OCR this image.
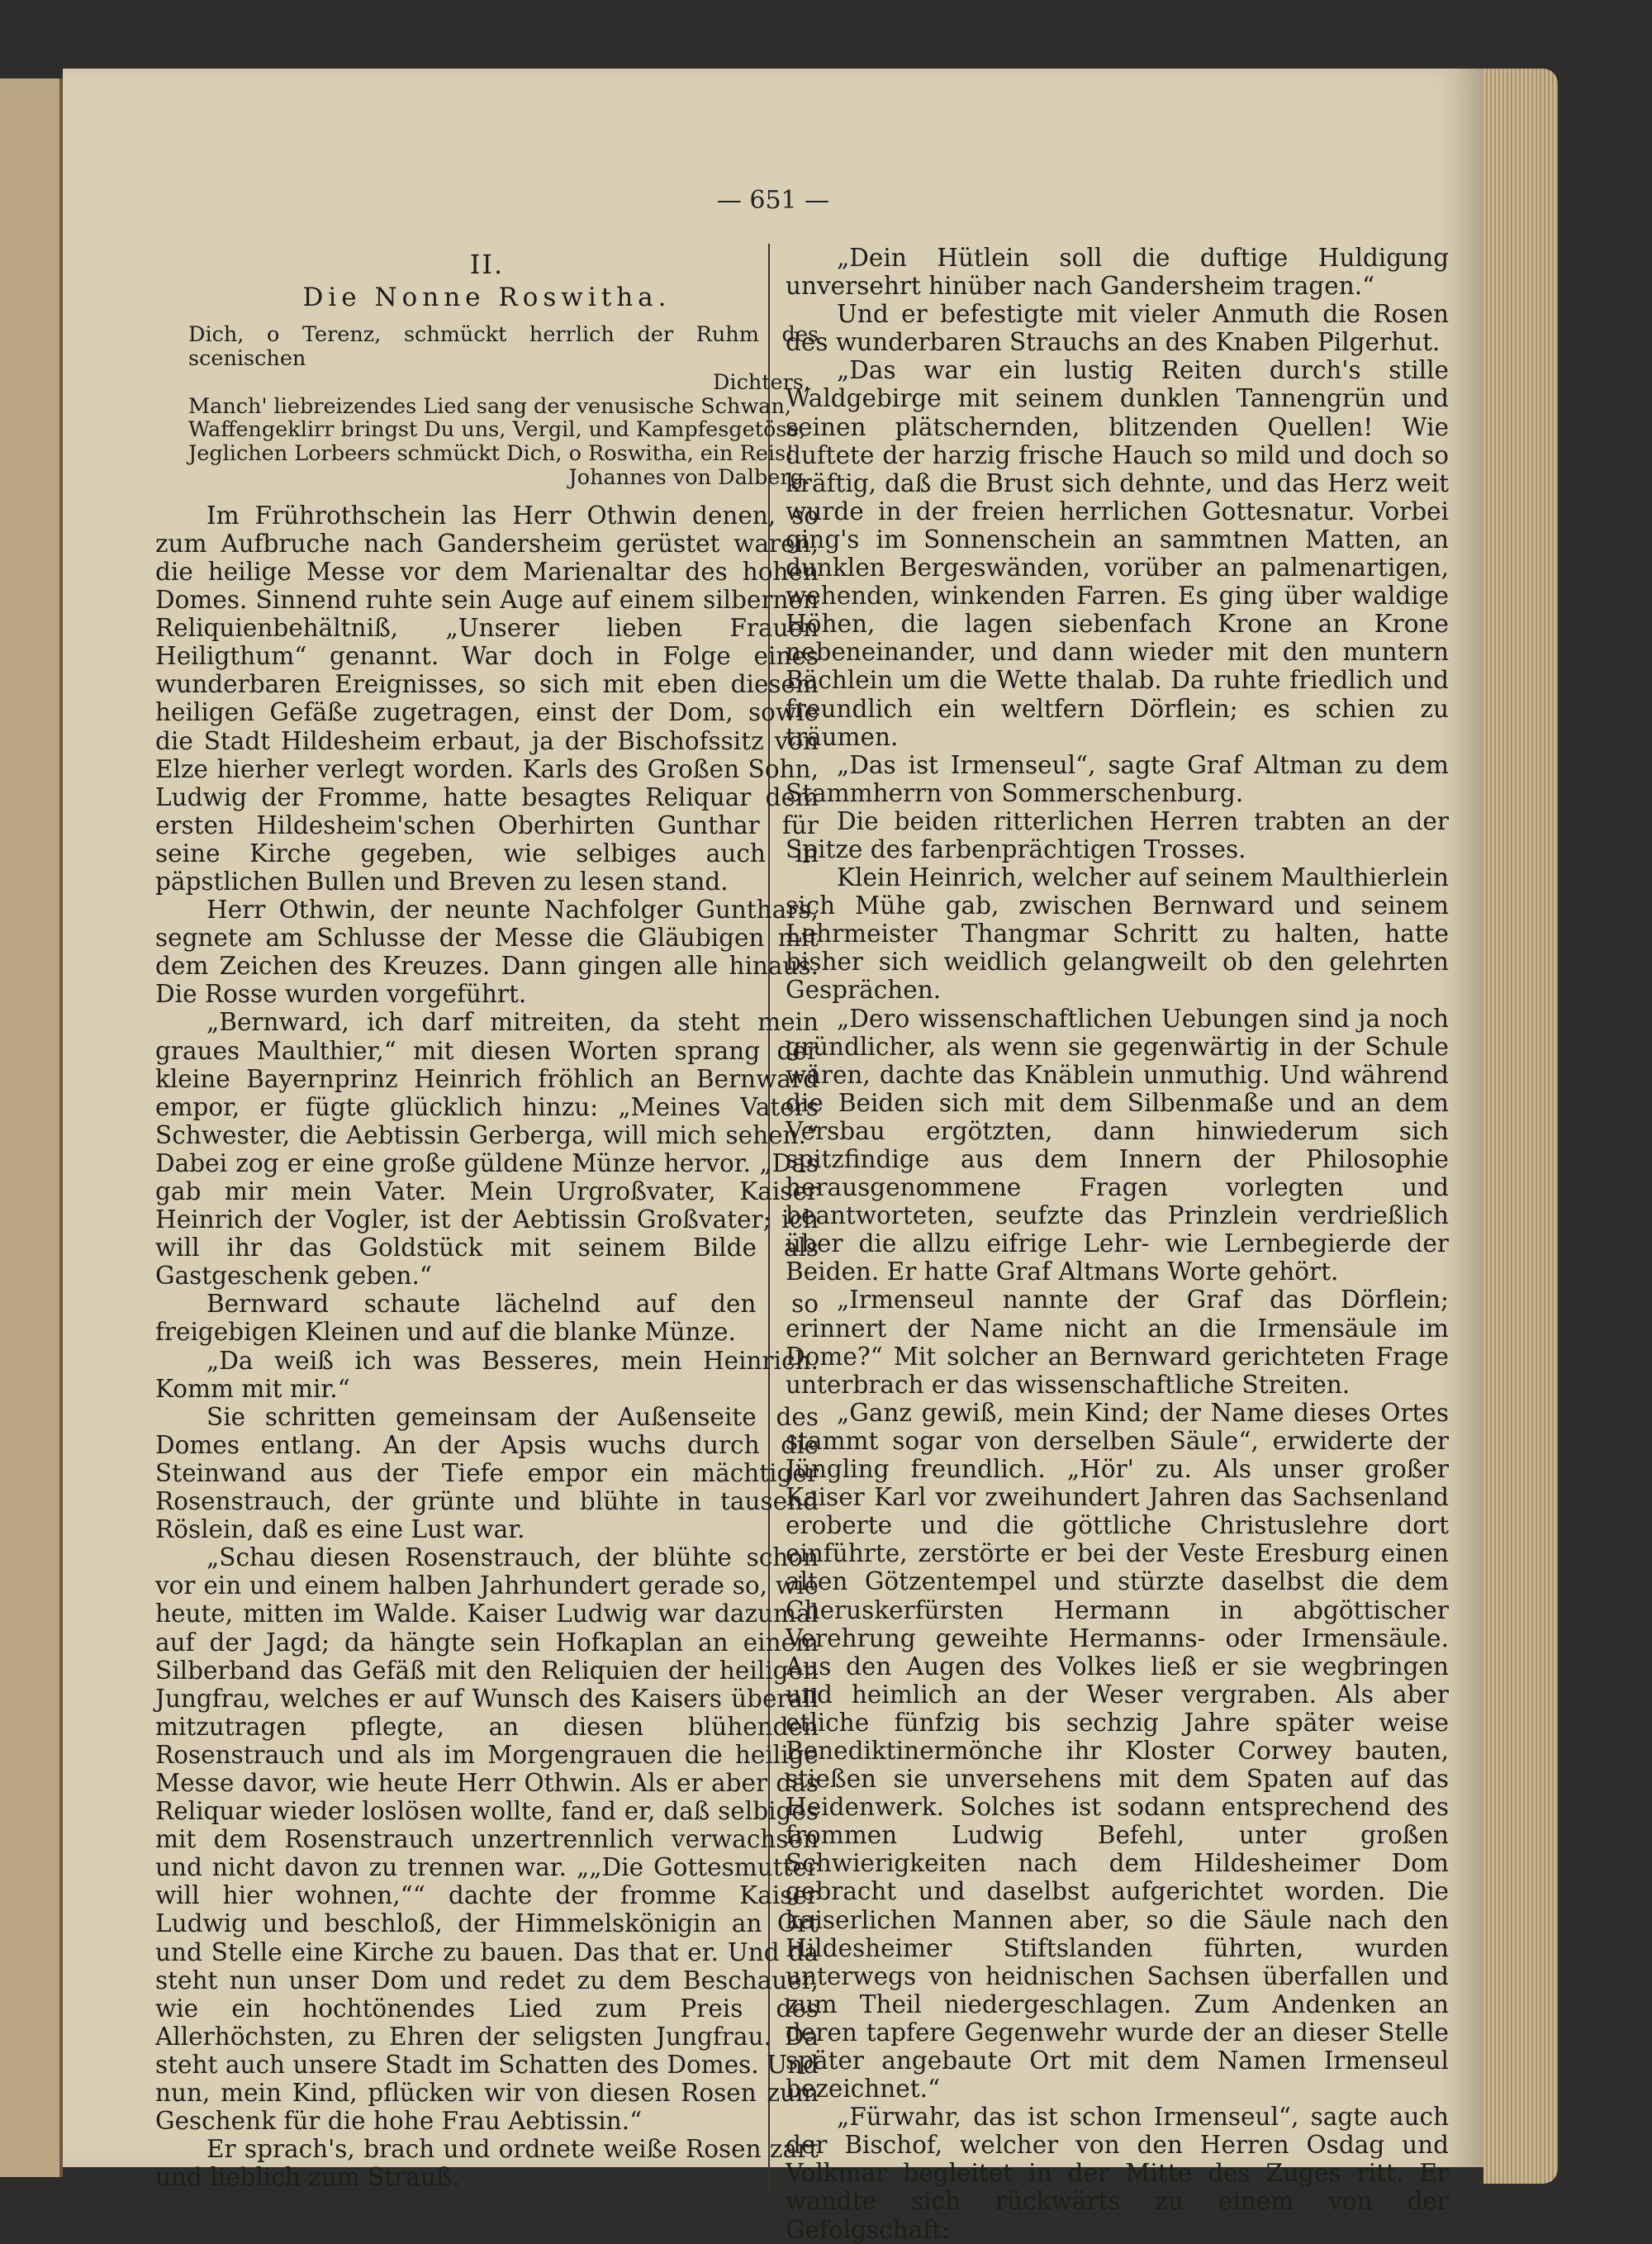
— 651 —
II.
Die Nonne Roswitha.
Dich, o Terenz, schmückt herrlich der Ruhm des scenischen
Dichters,
Manch' liebreizendes Lied sang der venusische Schwan,
Waffengeklirr bringst Du uns, Vergil, und Kampfesgetöse,
Jeglichen Lorbeers schmückt Dich, o Roswitha, ein Reis!
Johannes von Dalberg.

Im Frührothschein las Herr Othwin denen, so zum Aufbruche nach Gandersheim gerüstet waren, die heilige Messe vor dem Marienaltar des hohen Domes. Sinnend ruhte sein Auge auf einem silbernen Reliquienbehältniß, „Unserer lieben Frauen Heiligthum“ genannt. War doch in Folge eines wunderbaren Ereignisses, so sich mit eben diesem heiligen Gefäße zugetragen, einst der Dom, sowie die Stadt Hildesheim erbaut, ja der Bischofssitz von Elze hierher verlegt worden. Karls des Großen Sohn, Ludwig der Fromme, hatte besagtes Reliquar dem ersten Hildesheim'schen Oberhirten Gunthar für seine Kirche gegeben, wie selbiges auch in päpstlichen Bullen und Breven zu lesen stand.

Herr Othwin, der neunte Nachfolger Gunthars, segnete am Schlusse der Messe die Gläubigen mit dem Zeichen des Kreuzes. Dann gingen alle hinaus. Die Rosse wurden vorgeführt.

„Bernward, ich darf mitreiten, da steht mein graues Maulthier,“ mit diesen Worten sprang der kleine Bayernprinz Heinrich fröhlich an Bernward empor, er fügte glücklich hinzu: „Meines Vaters Schwester, die Aebtissin Gerberga, will mich sehen.“ Dabei zog er eine große güldene Münze hervor. „Das gab mir mein Vater. Mein Urgroßvater, Kaiser Heinrich der Vogler, ist der Aebtissin Großvater; ich will ihr das Goldstück mit seinem Bilde als Gastgeschenk geben.“

Bernward schaute lächelnd auf den so freigebigen Kleinen und auf die blanke Münze.

„Da weiß ich was Besseres, mein Heinrich. Komm mit mir.“

Sie schritten gemeinsam der Außenseite des Domes entlang. An der Apsis wuchs durch die Steinwand aus der Tiefe empor ein mächtiger Rosenstrauch, der grünte und blühte in tausend Röslein, daß es eine Lust war.

„Schau diesen Rosenstrauch, der blühte schon vor ein und einem halben Jahrhundert gerade so, wie heute, mitten im Walde. Kaiser Ludwig war dazumal auf der Jagd; da hängte sein Hofkaplan an einem Silberband das Gefäß mit den Reliquien der heiligen Jungfrau, welches er auf Wunsch des Kaisers überall mitzutragen pflegte, an diesen blühenden Rosenstrauch und als im Morgengrauen die heilige Messe davor, wie heute Herr Othwin. Als er aber das Reliquar wieder loslösen wollte, fand er, daß selbiges mit dem Rosenstrauch unzertrennlich verwachsen und nicht davon zu trennen war. „„Die Gottesmutter will hier wohnen,““ dachte der fromme Kaiser Ludwig und beschloß, der Himmelskönigin an Ort und Stelle eine Kirche zu bauen. Das that er. Und da steht nun unser Dom und redet zu dem Beschauer, wie ein hochtönendes Lied zum Preis des Allerhöchsten, zu Ehren der seligsten Jungfrau. Da steht auch unsere Stadt im Schatten des Domes. Und nun, mein Kind, pflücken wir von diesen Rosen zum Geschenk für die hohe Frau Aebtissin.“

Er sprach's, brach und ordnete weiße Rosen zart und lieblich zum Strauß.

„Dein Hütlein soll die duftige Huldigung unversehrt hinüber nach Gandersheim tragen.“

Und er befestigte mit vieler Anmuth die Rosen des wunderbaren Strauchs an des Knaben Pilgerhut.

„Das war ein lustig Reiten durch's stille Waldgebirge mit seinem dunklen Tannengrün und seinen plätschernden, blitzenden Quellen! Wie duftete der harzig frische Hauch so mild und doch so kräftig, daß die Brust sich dehnte, und das Herz weit wurde in der freien herrlichen Gottesnatur. Vorbei ging's im Sonnenschein an sammtnen Matten, an dunklen Bergeswänden, vorüber an palmenartigen, wehenden, winkenden Farren. Es ging über waldige Höhen, die lagen siebenfach Krone an Krone nebeneinander, und dann wieder mit den muntern Bächlein um die Wette thalab. Da ruhte friedlich und freundlich ein weltfern Dörflein; es schien zu träumen.

„Das ist Irmenseul“, sagte Graf Altman zu dem Stammherrn von Sommerschenburg.

Die beiden ritterlichen Herren trabten an der Spitze des farbenprächtigen Trosses.

Klein Heinrich, welcher auf seinem Maulthierlein sich Mühe gab, zwischen Bernward und seinem Lehrmeister Thangmar Schritt zu halten, hatte bisher sich weidlich gelangweilt ob den gelehrten Gesprächen.

„Dero wissenschaftlichen Uebungen sind ja noch gründlicher, als wenn sie gegenwärtig in der Schule wären, dachte das Knäblein unmuthig. Und während die Beiden sich mit dem Silbenmaße und an dem Versbau ergötzten, dann hinwiederum sich spitzfindige aus dem Innern der Philosophie herausgenommene Fragen vorlegten und beantworteten, seufzte das Prinzlein verdrießlich über die allzu eifrige Lehr- wie Lernbegierde der Beiden. Er hatte Graf Altmans Worte gehört.

„Irmenseul nannte der Graf das Dörflein; erinnert der Name nicht an die Irmensäule im Dome?“ Mit solcher an Bernward gerichteten Frage unterbrach er das wissenschaftliche Streiten.

„Ganz gewiß, mein Kind; der Name dieses Ortes stammt sogar von derselben Säule“, erwiderte der Jüngling freundlich. „Hör' zu. Als unser großer Kaiser Karl vor zweihundert Jahren das Sachsenland eroberte und die göttliche Christuslehre dort einführte, zerstörte er bei der Veste Eresburg einen alten Götzentempel und stürzte daselbst die dem Cheruskerfürsten Hermann in abgöttischer Verehrung geweihte Hermanns- oder Irmensäule. Aus den Augen des Volkes ließ er sie wegbringen und heimlich an der Weser vergraben. Als aber etliche fünfzig bis sechzig Jahre später weise Benediktinermönche ihr Kloster Corwey bauten, stießen sie unversehens mit dem Spaten auf das Heidenwerk. Solches ist sodann entsprechend des frommen Ludwig Befehl, unter großen Schwierigkeiten nach dem Hildesheimer Dom gebracht und daselbst aufgerichtet worden. Die kaiserlichen Mannen aber, so die Säule nach den Hildesheimer Stiftslanden führten, wurden unterwegs von heidnischen Sachsen überfallen und zum Theil niedergeschlagen. Zum Andenken an deren tapfere Gegenwehr wurde der an dieser Stelle später angebaute Ort mit dem Namen Irmenseul bezeichnet.“

„Fürwahr, das ist schon Irmenseul“, sagte auch der Bischof, welcher von den Herren Osdag und Volkmar begleitet in der Mitte des Zuges ritt. Er wandte sich rückwärts zu einem von der Gefolgschaft:
